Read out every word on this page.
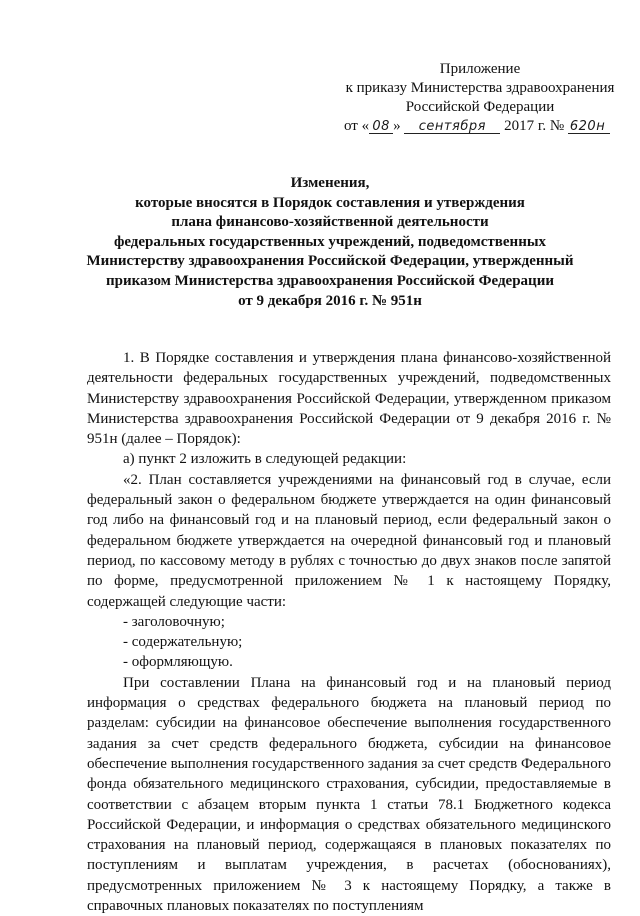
Приложение
к приказу Министерства здравоохранения
Российской Федерации
от « 08 » сентября 2017 г. № 620н
Изменения,
которые вносятся в Порядок составления и утверждения
плана финансово-хозяйственной деятельности
федеральных государственных учреждений, подведомственных
Министерству здравоохранения Российской Федерации, утвержденный
приказом Министерства здравоохранения Российской Федерации
от 9 декабря 2016 г. № 951н

1. В Порядке составления и утверждения плана финансово-хозяйственной деятельности федеральных государственных учреждений, подведомственных Министерству здравоохранения Российской Федерации, утвержденном приказом Министерства здравоохранения Российской Федерации от 9 декабря 2016 г. № 951н (далее – Порядок):

а) пункт 2 изложить в следующей редакции:

«2. План составляется учреждениями на финансовый год в случае, если федеральный закон о федеральном бюджете утверждается на один финансовый год либо на финансовый год и на плановый период, если федеральный закон о федеральном бюджете утверждается на очередной финансовый год и плановый период, по кассовому методу в рублях с точностью до двух знаков после запятой по форме, предусмотренной приложением № 1 к настоящему Порядку, содержащей следующие части:

- заголовочную;

- содержательную;

- оформляющую.

При составлении Плана на финансовый год и на плановый период информация о средствах федерального бюджета на плановый период по разделам: субсидии на финансовое обеспечение выполнения государственного задания за счет средств федерального бюджета, субсидии на финансовое обеспечение выполнения государственного задания за счет средств Федерального фонда обязательного медицинского страхования, субсидии, предоставляемые в соответствии с абзацем вторым пункта 1 статьи 78.1 Бюджетного кодекса Российской Федерации, и информация о средствах обязательного медицинского страхования на плановый период, содержащаяся в плановых показателях по поступлениям и выплатам учреждения, в расчетах (обоснованиях), предусмотренных приложением № 3 к настоящему Порядку, а также в справочных плановых показателях по поступлениям
